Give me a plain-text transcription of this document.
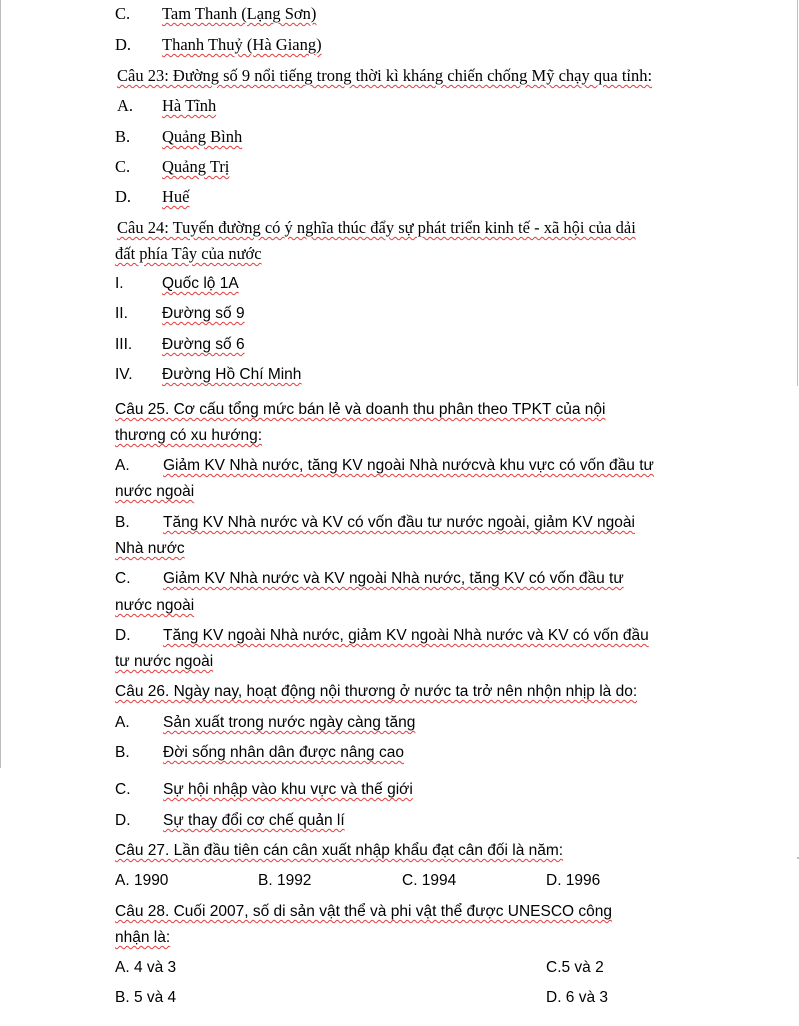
C. Tam Thanh (Lạng Sơn)
D. Thanh Thuỷ (Hà Giang)
Câu 23: Đường số 9 nổi tiếng trong thời kì kháng chiến chống Mỹ chạy qua tỉnh:
A. Hà Tĩnh
B. Quảng Bình
C. Quảng Trị
D. Huế
Câu 24: Tuyến đường có ý nghĩa thúc đẩy sự phát triển kinh tế - xã hội của dải
đất phía Tây của nước
I. Quốc lộ 1A
II. Đường số 9
III. Đường số 6
IV. Đường Hồ Chí Minh
Câu 25. Cơ cấu tổng mức bán lẻ và doanh thu phân theo TPKT của nội
thương có xu hướng:
A. Giảm KV Nhà nước, tăng KV ngoài Nhà nướcvà khu vực có vốn đầu tư
nước ngoài
B. Tăng KV Nhà nước và KV có vốn đầu tư nước ngoài, giảm KV ngoài
Nhà nước
C. Giảm KV Nhà nước và KV ngoài Nhà nước, tăng KV có vốn đầu tư
nước ngoài
D. Tăng KV ngoài Nhà nước, giảm KV ngoài Nhà nước và KV có vốn đầu
tư nước ngoài
Câu 26. Ngày nay, hoạt động nội thương ở nước ta trở nên nhộn nhịp là do:
A. Sản xuất trong nước ngày càng tăng
B. Đời sống nhân dân được nâng cao
C. Sự hội nhập vào khu vực và thế giới
D. Sự thay đổi cơ chế quản lí
Câu 27. Lần đầu tiên cán cân xuất nhập khẩu đạt cân đối là năm:
A. 1990	B. 1992	C. 1994	D. 1996
Câu 28. Cuối 2007, số di sản vật thể và phi vật thể được UNESCO công
nhận là:
A. 4 và 3	C.5 và 2
B. 5 và 4	D. 6 và 3
